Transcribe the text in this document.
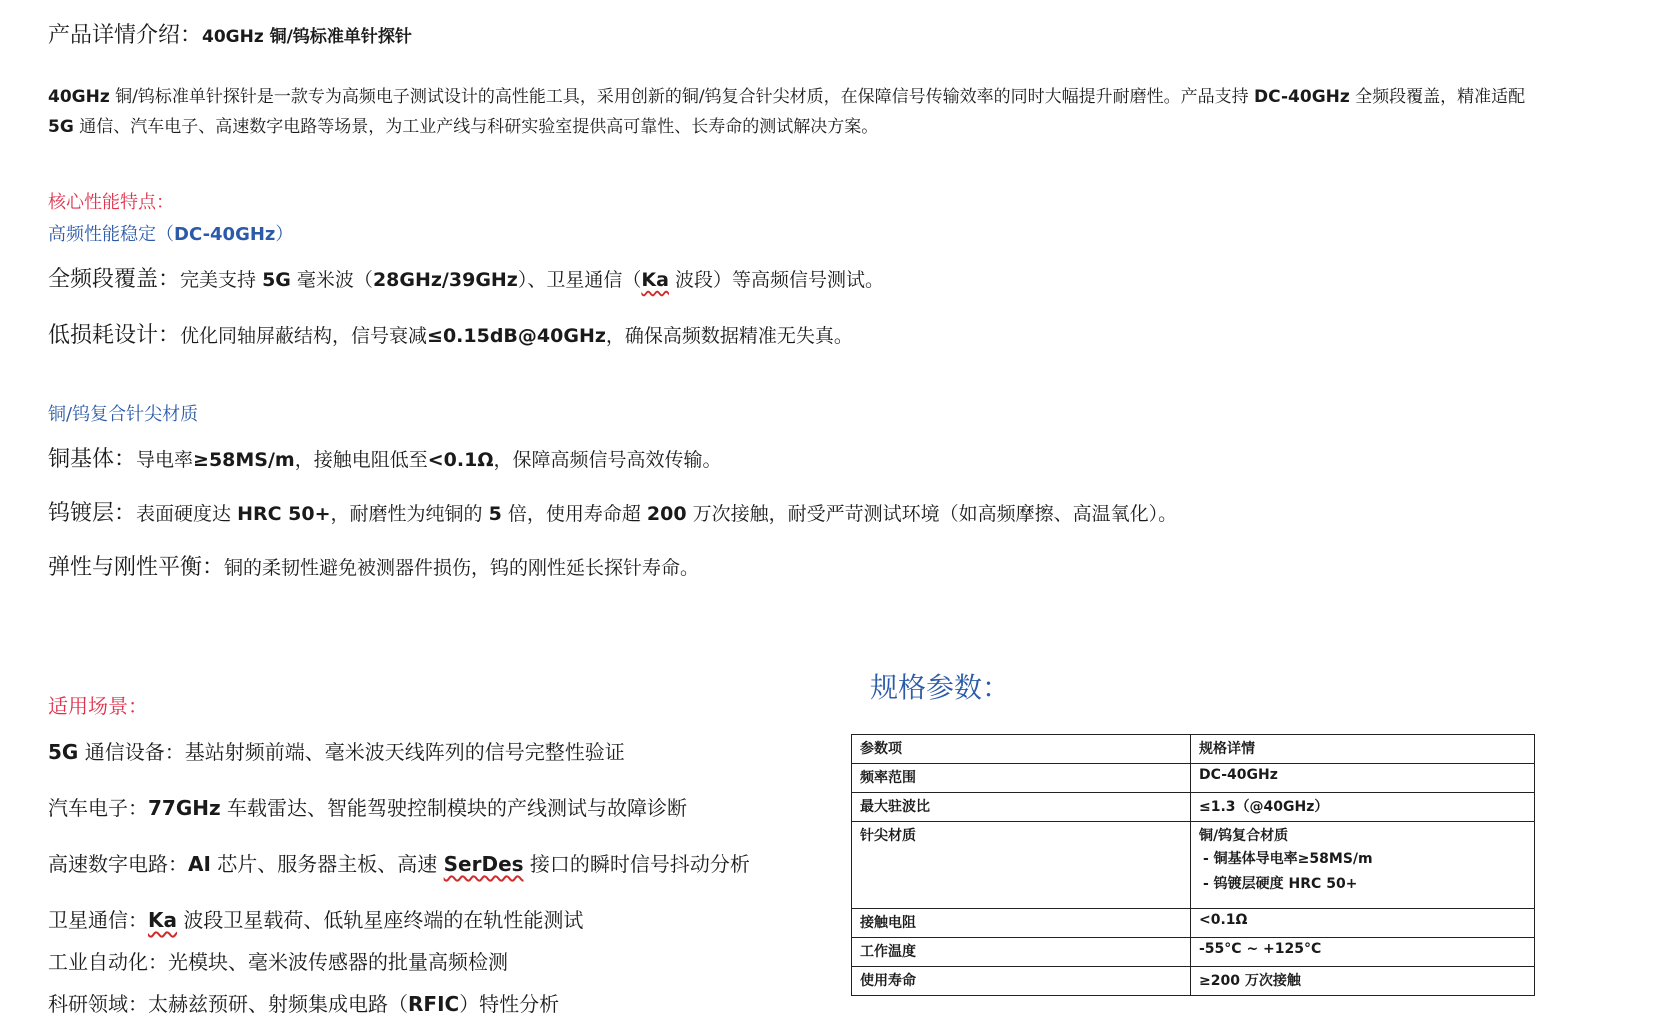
产品详情介绍：40GHz 铜/钨标准单针探针
40GHz 铜/钨标准单针探针是一款专为高频电子测试设计的高性能工具，采用创新的铜/钨复合针尖材质，在保障信号传输效率的同时大幅提升耐磨性。产品支持 DC-40GHz 全频段覆盖，精准适配 5G 通信、汽车电子、高速数字电路等场景，为工业产线与科研实验室提供高可靠性、长寿命的测试解决方案。
核心性能特点：
高频性能稳定（DC-40GHz）
全频段覆盖：完美支持 5G 毫米波（28GHz/39GHz）、卫星通信（Ka 波段）等高频信号测试。
低损耗设计：优化同轴屏蔽结构，信号衰减≤0.15dB@40GHz，确保高频数据精准无失真。
铜/钨复合针尖材质
铜基体：导电率≥58MS/m，接触电阻低至<0.1Ω，保障高频信号高效传输。
钨镀层：表面硬度达 HRC 50+，耐磨性为纯铜的 5 倍，使用寿命超 200 万次接触，耐受严苛测试环境（如高频摩擦、高温氧化）。
弹性与刚性平衡：铜的柔韧性避免被测器件损伤，钨的刚性延长探针寿命。
适用场景：
5G 通信设备：基站射频前端、毫米波天线阵列的信号完整性验证
汽车电子：77GHz 车载雷达、智能驾驶控制模块的产线测试与故障诊断
高速数字电路：AI 芯片、服务器主板、高速 SerDes 接口的瞬时信号抖动分析
卫星通信：Ka 波段卫星载荷、低轨星座终端的在轨性能测试
工业自动化：光模块、毫米波传感器的批量高频检测
科研领域：太赫兹预研、射频集成电路（RFIC）特性分析
规格参数：
参数项	规格详情
频率范围	DC-40GHz
最大驻波比	≤1.3（@40GHz）
针尖材质	铜/钨复合材质
- 铜基体导电率≥58MS/m
- 钨镀层硬度 HRC 50+

接触电阻	<0.1Ω
工作温度	-55°C ~ +125°C
使用寿命	≥200 万次接触
